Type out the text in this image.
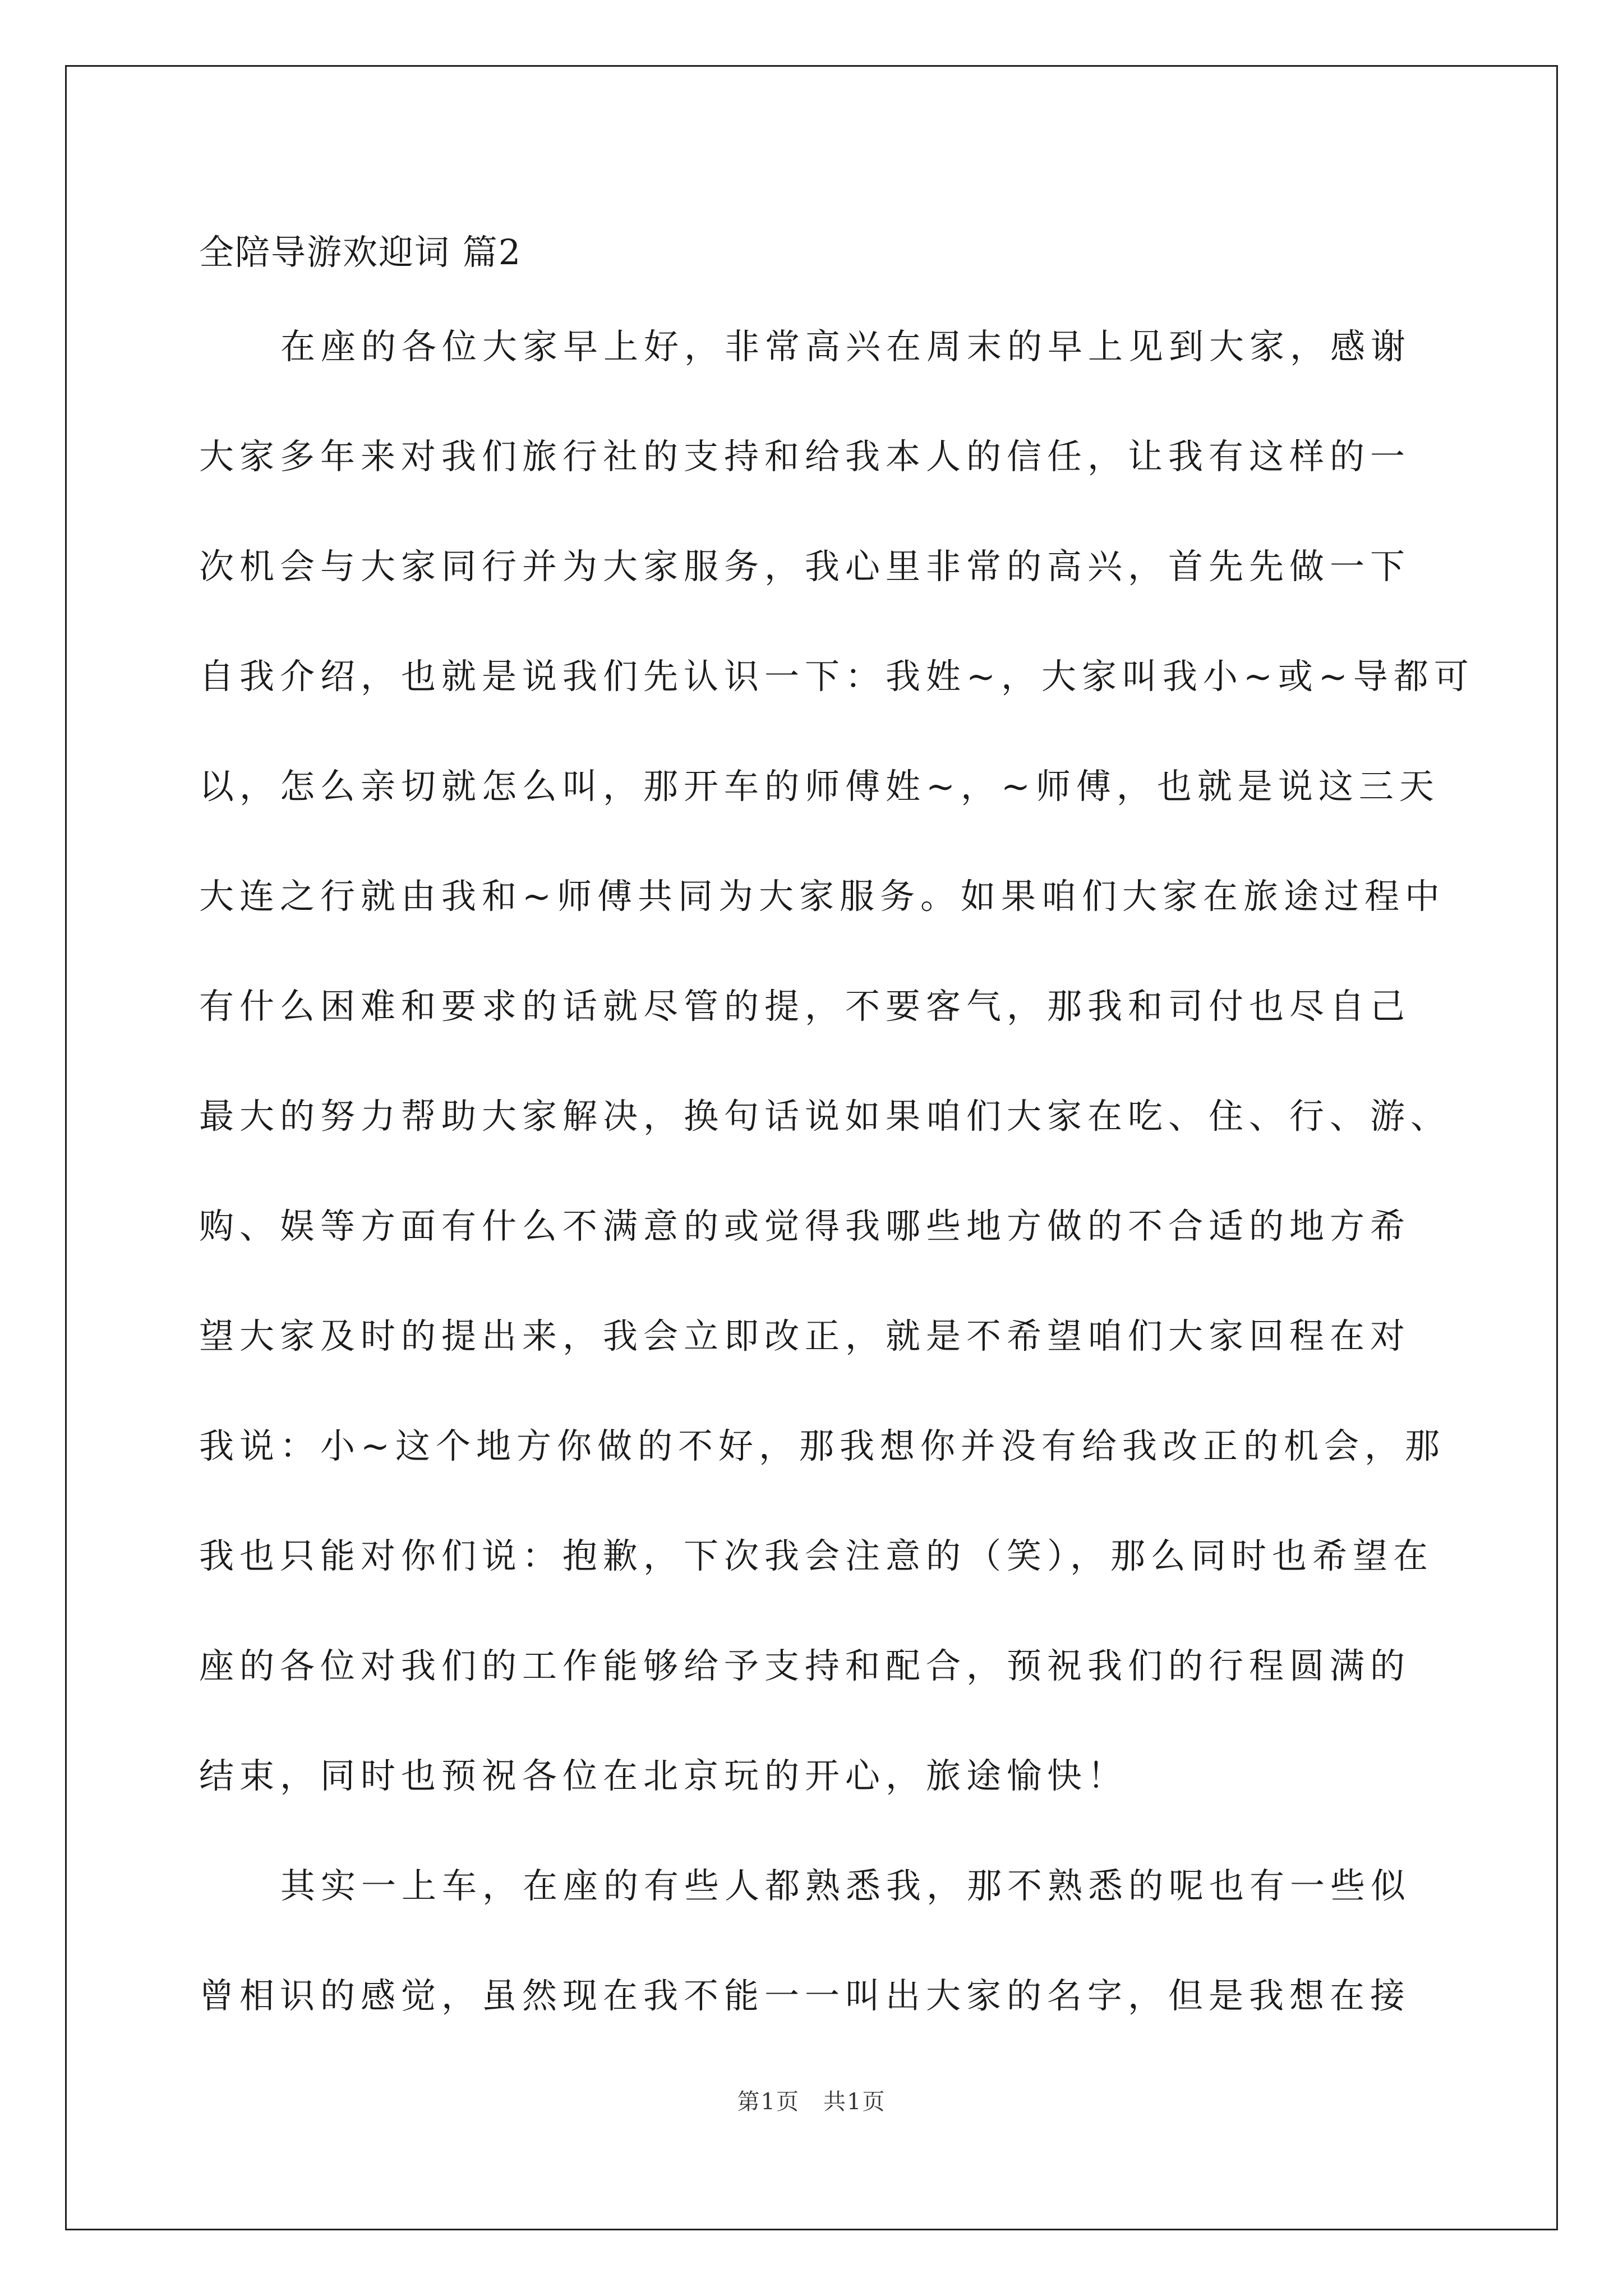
全陪导游欢迎词 篇2

在座的各位大家早上好，非常高兴在周末的早上见到大家，感谢

大家多年来对我们旅行社的支持和给我本人的信任，让我有这样的一

次机会与大家同行并为大家服务，我心里非常的高兴，首先先做一下

自我介绍，也就是说我们先认识一下：我姓~，大家叫我小~或~导都可

以，怎么亲切就怎么叫，那开车的师傅姓~，~师傅，也就是说这三天

大连之行就由我和~师傅共同为大家服务。如果咱们大家在旅途过程中

有什么困难和要求的话就尽管的提，不要客气，那我和司付也尽自己

最大的努力帮助大家解决，换句话说如果咱们大家在吃、住、行、游、

购、娱等方面有什么不满意的或觉得我哪些地方做的不合适的地方希

望大家及时的提出来，我会立即改正，就是不希望咱们大家回程在对

我说：小~这个地方你做的不好，那我想你并没有给我改正的机会，那

我也只能对你们说：抱歉，下次我会注意的（笑），那么同时也希望在

座的各位对我们的工作能够给予支持和配合，预祝我们的行程圆满的

结束，同时也预祝各位在北京玩的开心，旅途愉快！

其实一上车，在座的有些人都熟悉我，那不熟悉的呢也有一些似

曾相识的感觉，虽然现在我不能一一叫出大家的名字，但是我想在接

第1页　共1页
